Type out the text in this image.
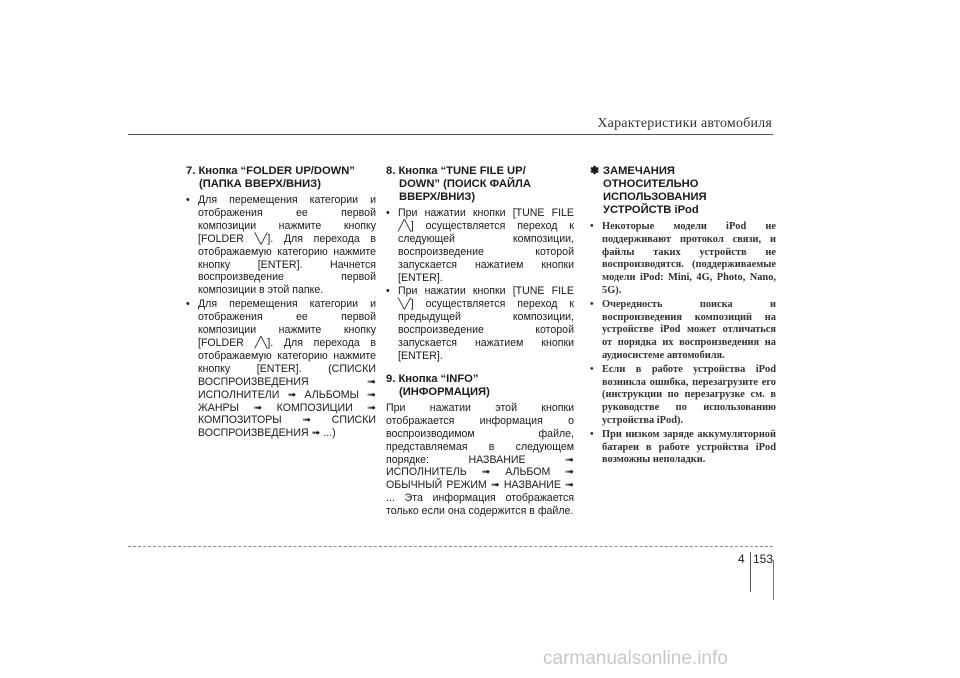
Характеристики автомобиля
7. Кнопка “FOLDER UP/DOWN”
(ПАПКА ВВЕРХ/ВНИЗ)
• Для перемещения категории и отображения ее первой композиции нажмите кнопку [FOLDER ╲╱]. Для перехода в отображаемую категорию нажмите кнопку [ENTER]. Начнется воспроизведение первой композиции в этой папке.
• Для перемещения категории и отображения ее первой композиции нажмите кнопку [FOLDER ╱╲]. Для перехода в отображаемую категорию нажмите кнопку [ENTER]. (СПИСКИ ВОСПРОИЗВЕДЕНИЯ ➟ ИСПОЛНИТЕЛИ ➟ АЛЬБОМЫ ➟ ЖАНРЫ ➟ КОМПОЗИЦИИ ➟ КОМПОЗИТОРЫ ➟ СПИСКИ ВОСПРОИЗВЕДЕНИЯ ➟ ...)
8. Кнопка “TUNE FILE UP/
DOWN” (ПОИСК ФАЙЛА ВВЕРХ/ВНИЗ)
• При нажатии кнопки [TUNE FILE ╱╲] осуществляется переход к следующей композиции, воспроизведение которой запускается нажатием кнопки [ENTER].
• При нажатии кнопки [TUNE FILE ╲╱] осуществляется переход к предыдущей композиции, воспроизведение которой запускается нажатием кнопки [ENTER].
9. Кнопка “INFO”
(ИНФОРМАЦИЯ)

При нажатии этой кнопки отображается информация о воспроизводимом файле, представляемая в следующем порядке: НАЗВАНИЕ ➟ ИСПОЛНИТЕЛЬ ➟ АЛЬБОМ ➟ ОБЫЧНЫЙ РЕЖИМ ➟ НАЗВАНИЕ ➟ ... Эта информация отображается только если она содержится в файле.

✽ ЗАМЕЧАНИЯ
ОТНОСИТЕЛЬНО ИСПОЛЬЗОВАНИЯ УСТРОЙСТВ iPod
• Некоторые модели iPod не поддерживают протокол связи, и файлы таких устройств не воспроизводятся. (поддерживаемые модели iPod: Mini, 4G, Photo, Nano, 5G).
• Очередность поиска и воспроизведения композиций на устройстве iPod может отличаться от порядка их воспроизведения на аудиосистеме автомобиля.
• Если в работе устройства iPod возникла ошибка, перезагрузите его (инструкции по перезагрузке см. в руководстве по использованию устройства iPod).
• При низком заряде аккумуляторной батареи в работе устройства iPod возможны неполадки.
4 153
carmanualsonline.info
